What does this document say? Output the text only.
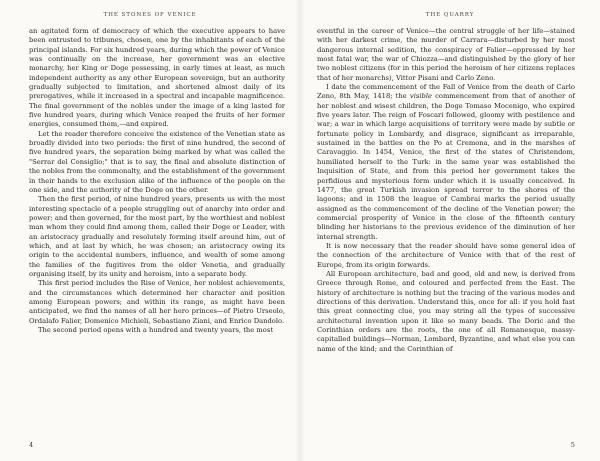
THE STONES OF VENICE

an agitated form of democracy of which the executive appears to have been entrusted to tribunes, chosen, one by the inhabitants of each of the principal islands. For six hundred years, during which the power of Venice was continually on the increase, her government was an elective monarchy, her King or Doge possessing, in early times at least, as much independent authority as any other European sovereign, but an authority gradually subjected to limitation, and shortened almost daily of its prerogatives, while it increased in a spectral and incapable magnificence. The final government of the nobles under the image of a king lasted for five hundred years, during which Venice reaped the fruits of her former energies, consumed them,—and expired.

Let the reader therefore conceive the existence of the Venetian state as broadly divided into two periods: the first of nine hundred, the second of five hundred years, the separation being marked by what was called the "Serrar del Consiglio;" that is to say, the final and absolute distinction of the nobles from the commonalty, and the establishment of the government in their hands to the exclusion alike of the influence of the people on the one side, and the authority of the Doge on the other.

Then the first period, of nine hundred years, presents us with the most interesting spectacle of a people struggling out of anarchy into order and power; and then governed, for the most part, by the worthiest and noblest man whom they could find among them, called their Doge or Leader, with an aristocracy gradually and resolutely forming itself around him, out of which, and at last by which, he was chosen; an aristocracy owing its origin to the accidental numbers, influence, and wealth of some among the families of the fugitives from the older Venetia, and gradually organising itself, by its unity and heroism, into a separate body.

This first period includes the Rise of Venice, her noblest achievements, and the circumstances which determined her character and position among European powers; and within its range, as might have been anticipated, we find the names of all her hero princes—of Pietro Urseolo, Ordalafo Falier, Domenico Michieli, Sebastiano Ziani, and Enrico Dandolo.

The second period opens with a hundred and twenty years, the most

4
THE QUARRY

eventful in the career of Venice—the central struggle of her life—stained with her darkest crime, the murder of Carrara—disturbed by her most dangerous internal sedition, the conspiracy of Falier—oppressed by her most fatal war, the war of Chiozza—and distinguished by the glory of her two noblest citizens (for in this period the heroism of her citizens replaces that of her monarchs), Vittor Pisani and Carlo Zeno.

I date the commencement of the Fall of Venice from the death of Carlo Zeno, 8th May, 1418; the visible commencement from that of another of her noblest and wisest children, the Doge Tomaso Mocenigo, who expired five years later. The reign of Foscari followed, gloomy with pestilence and war; a war in which large acquisitions of territory were made by subtle or fortunate policy in Lombardy, and disgrace, significant as irreparable, sustained in the battles on the Po at Cremona, and in the marshes of Caravaggio. In 1454, Venice, the first of the states of Christendom, humiliated herself to the Turk: in the same year was established the Inquisition of State, and from this period her government takes the perfidious and mysterious form under which it is usually conceived. In 1477, the great Turkish invasion spread terror to the shores of the lagoons; and in 1508 the league of Cambrai marks the period usually assigned as the commencement of the decline of the Venetian power; the commercial prosperity of Venice in the close of the fifteenth century blinding her historians to the previous evidence of the diminution of her internal strength.

It is now necessary that the reader should have some general idea of the connection of the architecture of Venice with that of the rest of Europe, from its origin forwards.

All European architecture, bad and good, old and new, is derived from Greece through Rome, and coloured and perfected from the East. The history of architecture is nothing but the tracing of the various modes and directions of this derivation. Understand this, once for all: if you hold fast this great connecting clue, you may string all the types of successive architectural invention upon it like so many beads. The Doric and the Corinthian orders are the roots, the one of all Romanesque, massy-capitalled buildings—Norman, Lombard, Byzantine, and what else you can name of the kind; and the Corinthian of

5
